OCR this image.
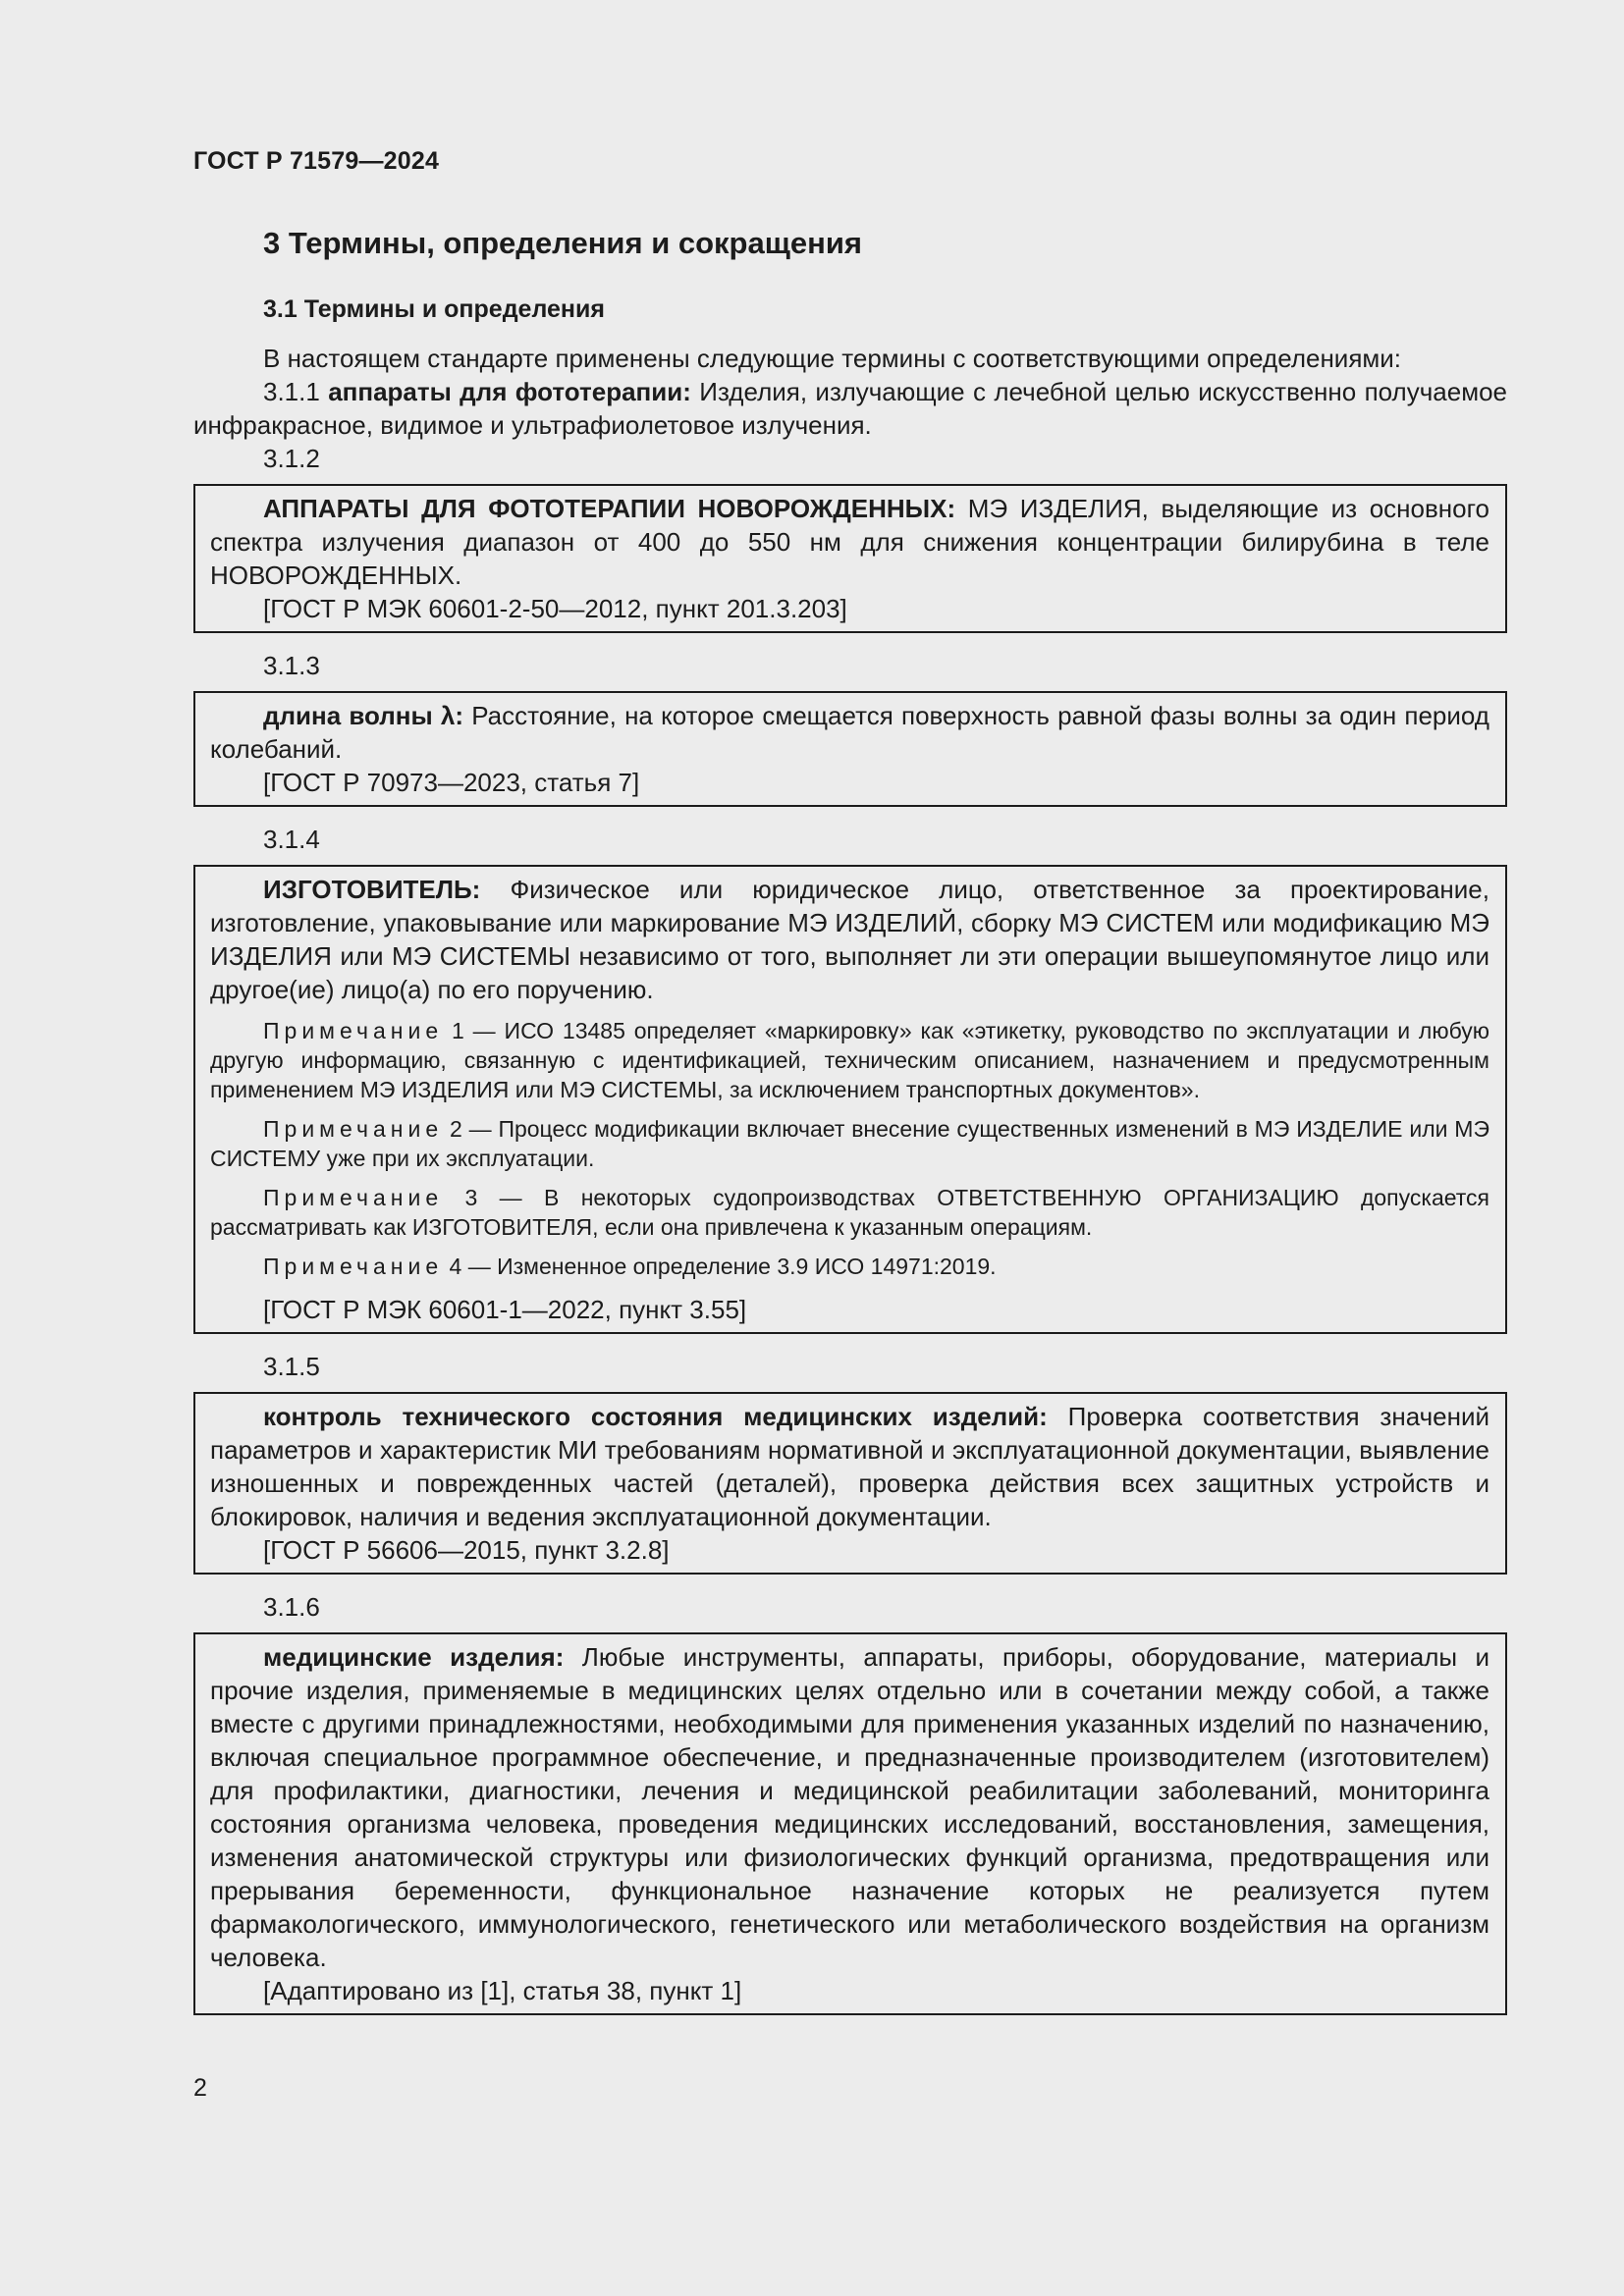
ГОСТ Р 71579—2024
3 Термины, определения и сокращения
3.1 Термины и определения

В настоящем стандарте применены следующие термины с соответствующими определениями:

3.1.1 аппараты для фототерапии: Изделия, излучающие с лечебной целью искусственно получаемое инфракрасное, видимое и ультрафиолетовое излучения.

3.1.2

АППАРАТЫ ДЛЯ ФОТОТЕРАПИИ НОВОРОЖДЕННЫХ: МЭ ИЗДЕЛИЯ, выделяющие из основного спектра излучения диапазон от 400 до 550 нм для снижения концентрации билирубина в теле НОВОРОЖДЕННЫХ.

[ГОСТ Р МЭК 60601-2-50—2012, пункт 201.3.203]

3.1.3

длина волны λ: Расстояние, на которое смещается поверхность равной фазы волны за один период колебаний.

[ГОСТ Р 70973—2023, статья 7]

3.1.4

ИЗГОТОВИТЕЛЬ: Физическое или юридическое лицо, ответственное за проектирование, изготовление, упаковывание или маркирование МЭ ИЗДЕЛИЙ, сборку МЭ СИСТЕМ или модификацию МЭ ИЗДЕЛИЯ или МЭ СИСТЕМЫ независимо от того, выполняет ли эти операции вышеупомянутое лицо или другое(ие) лицо(а) по его поручению.

Примечание 1 — ИСО 13485 определяет «маркировку» как «этикетку, руководство по эксплуатации и любую другую информацию, связанную с идентификацией, техническим описанием, назначением и предусмотренным применением МЭ ИЗДЕЛИЯ или МЭ СИСТЕМЫ, за исключением транспортных документов».

Примечание 2 — Процесс модификации включает внесение существенных изменений в МЭ ИЗДЕЛИЕ или МЭ СИСТЕМУ уже при их эксплуатации.

Примечание 3 — В некоторых судопроизводствах ОТВЕТСТВЕННУЮ ОРГАНИЗАЦИЮ допускается рассматривать как ИЗГОТОВИТЕЛЯ, если она привлечена к указанным операциям.

Примечание 4 — Измененное определение 3.9 ИСО 14971:2019.

[ГОСТ Р МЭК 60601-1—2022, пункт 3.55]

3.1.5

контроль технического состояния медицинских изделий: Проверка соответствия значений параметров и характеристик МИ требованиям нормативной и эксплуатационной документации, выявление изношенных и поврежденных частей (деталей), проверка действия всех защитных устройств и блокировок, наличия и ведения эксплуатационной документации.

[ГОСТ Р 56606—2015, пункт 3.2.8]

3.1.6

медицинские изделия: Любые инструменты, аппараты, приборы, оборудование, материалы и прочие изделия, применяемые в медицинских целях отдельно или в сочетании между собой, а также вместе с другими принадлежностями, необходимыми для применения указанных изделий по назначению, включая специальное программное обеспечение, и предназначенные производителем (изготовителем) для профилактики, диагностики, лечения и медицинской реабилитации заболеваний, мониторинга состояния организма человека, проведения медицинских исследований, восстановления, замещения, изменения анатомической структуры или физиологических функций организма, предотвращения или прерывания беременности, функциональное назначение которых не реализуется путем фармакологического, иммунологического, генетического или метаболического воздействия на организм человека.

[Адаптировано из [1], статья 38, пункт 1]

2
